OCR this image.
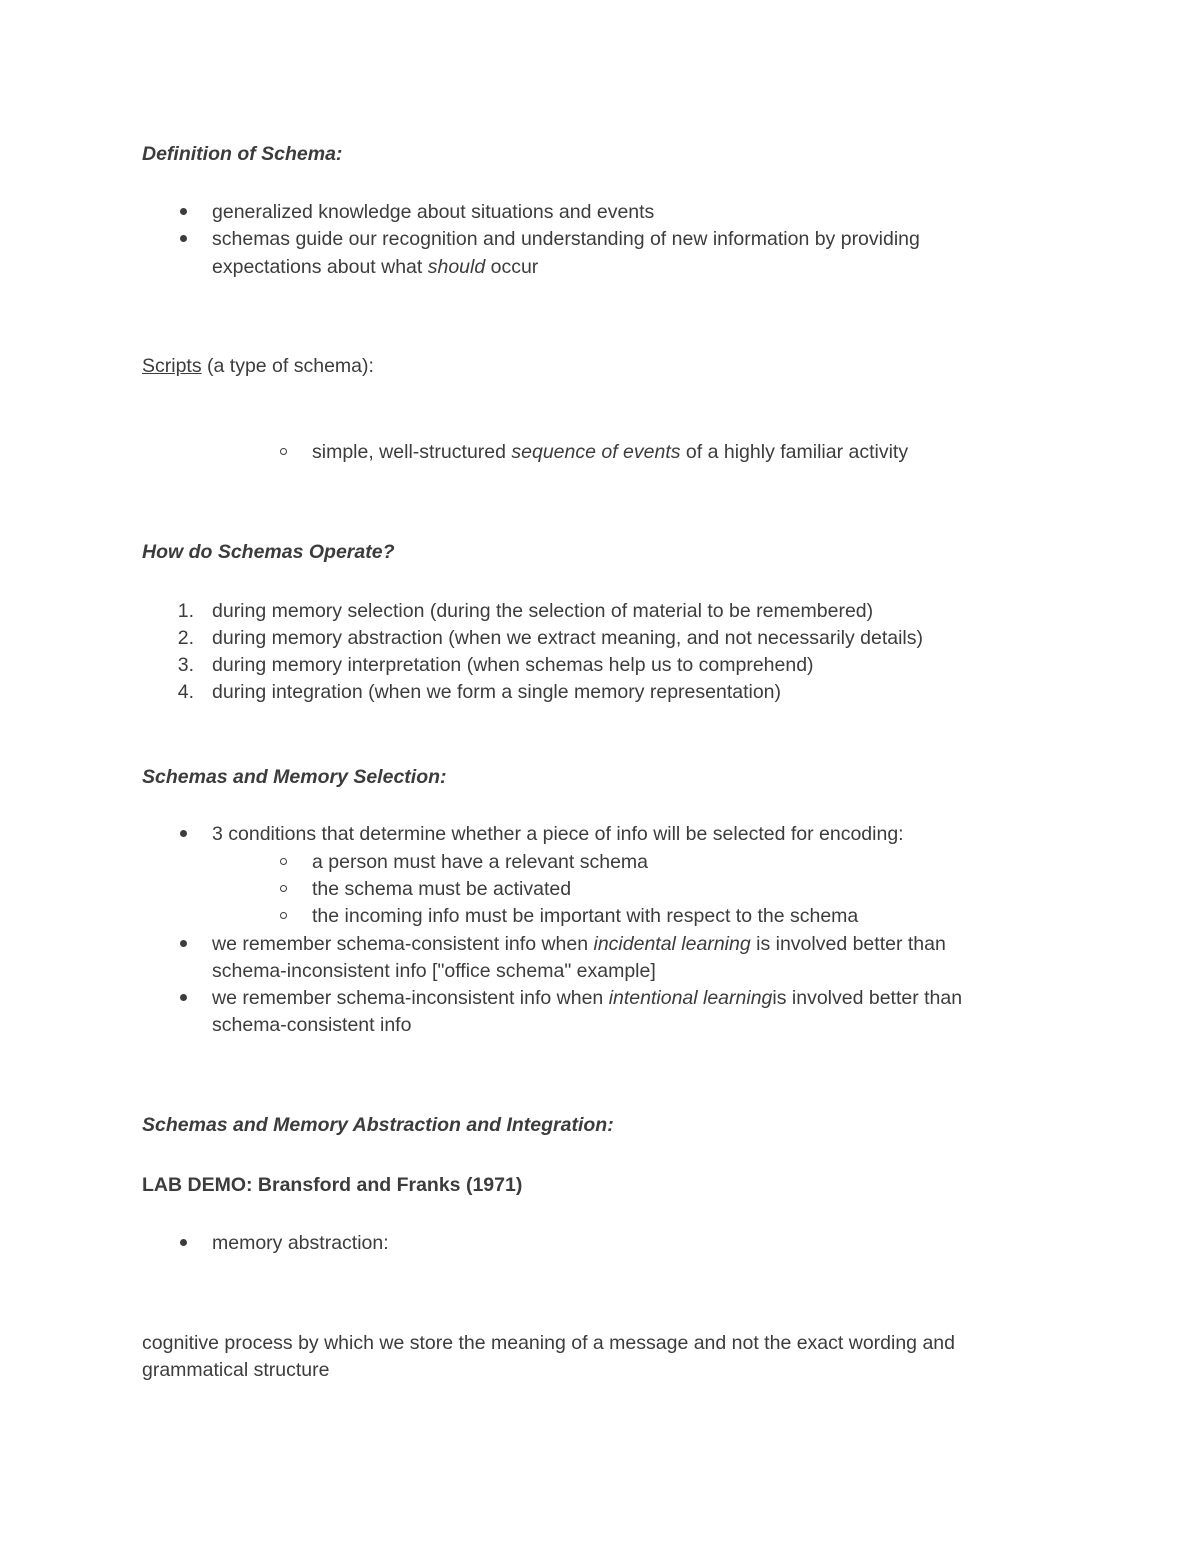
Definition of Schema:

generalized knowledge about situations and events

schemas guide our recognition and understanding of new information by providing

expectations about what should occur

Scripts (a type of schema):

simple, well-structured sequence of events of a highly familiar activity

How do Schemas Operate?

1. during memory selection (during the selection of material to be remembered)

2. during memory abstraction (when we extract meaning, and not necessarily details)

3. during memory interpretation (when schemas help us to comprehend)

4. during integration (when we form a single memory representation)

Schemas and Memory Selection:

3 conditions that determine whether a piece of info will be selected for encoding:

a person must have a relevant schema

the schema must be activated

the incoming info must be important with respect to the schema

we remember schema-consistent info when incidental learning is involved better than

schema-inconsistent info ["office schema" example]

we remember schema-inconsistent info when intentional learningis involved better than

schema-consistent info

Schemas and Memory Abstraction and Integration:

LAB DEMO: Bransford and Franks (1971)

memory abstraction:

cognitive process by which we store the meaning of a message and not the exact wording and

grammatical structure
